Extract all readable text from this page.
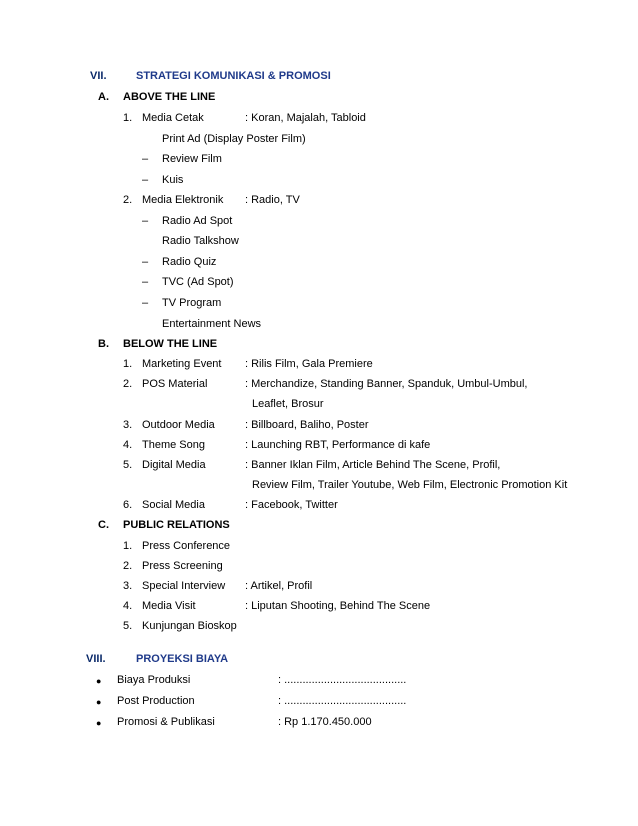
VII.	STRATEGI KOMUNIKASI & PROMOSI
A. ABOVE THE LINE
1. Media Cetak	: Koran, Majalah, Tabloid
Print Ad (Display Poster Film)
– Review Film
– Kuis
2. Media Elektronik : Radio, TV
– Radio Ad Spot
Radio Talkshow
– Radio Quiz
– TVC (Ad Spot)
– TV Program
Entertainment News
B. BELOW THE LINE
1. Marketing Event : Rilis Film, Gala Premiere
2. POS Material	: Merchandize, Standing Banner, Spanduk, Umbul-Umbul,
Leaflet, Brosur
3. Outdoor Media	: Billboard, Baliho, Poster
4. Theme Song	: Launching RBT, Performance di kafe
5. Digital Media	: Banner Iklan Film, Article Behind The Scene, Profil,
Review Film, Trailer Youtube, Web Film, Electronic Promotion Kit
6. Social Media	: Facebook, Twitter
C. PUBLIC RELATIONS
1. Press Conference
2. Press Screening
3. Special Interview : Artikel, Profil
4. Media Visit	: Liputan Shooting, Behind The Scene
5. Kunjungan Bioskop
VIII.	PROYEKSI BIAYA
● Biaya Produksi	: ........................................
● Post Production	: ........................................
● Promosi & Publikasi	: Rp 1.170.450.000
